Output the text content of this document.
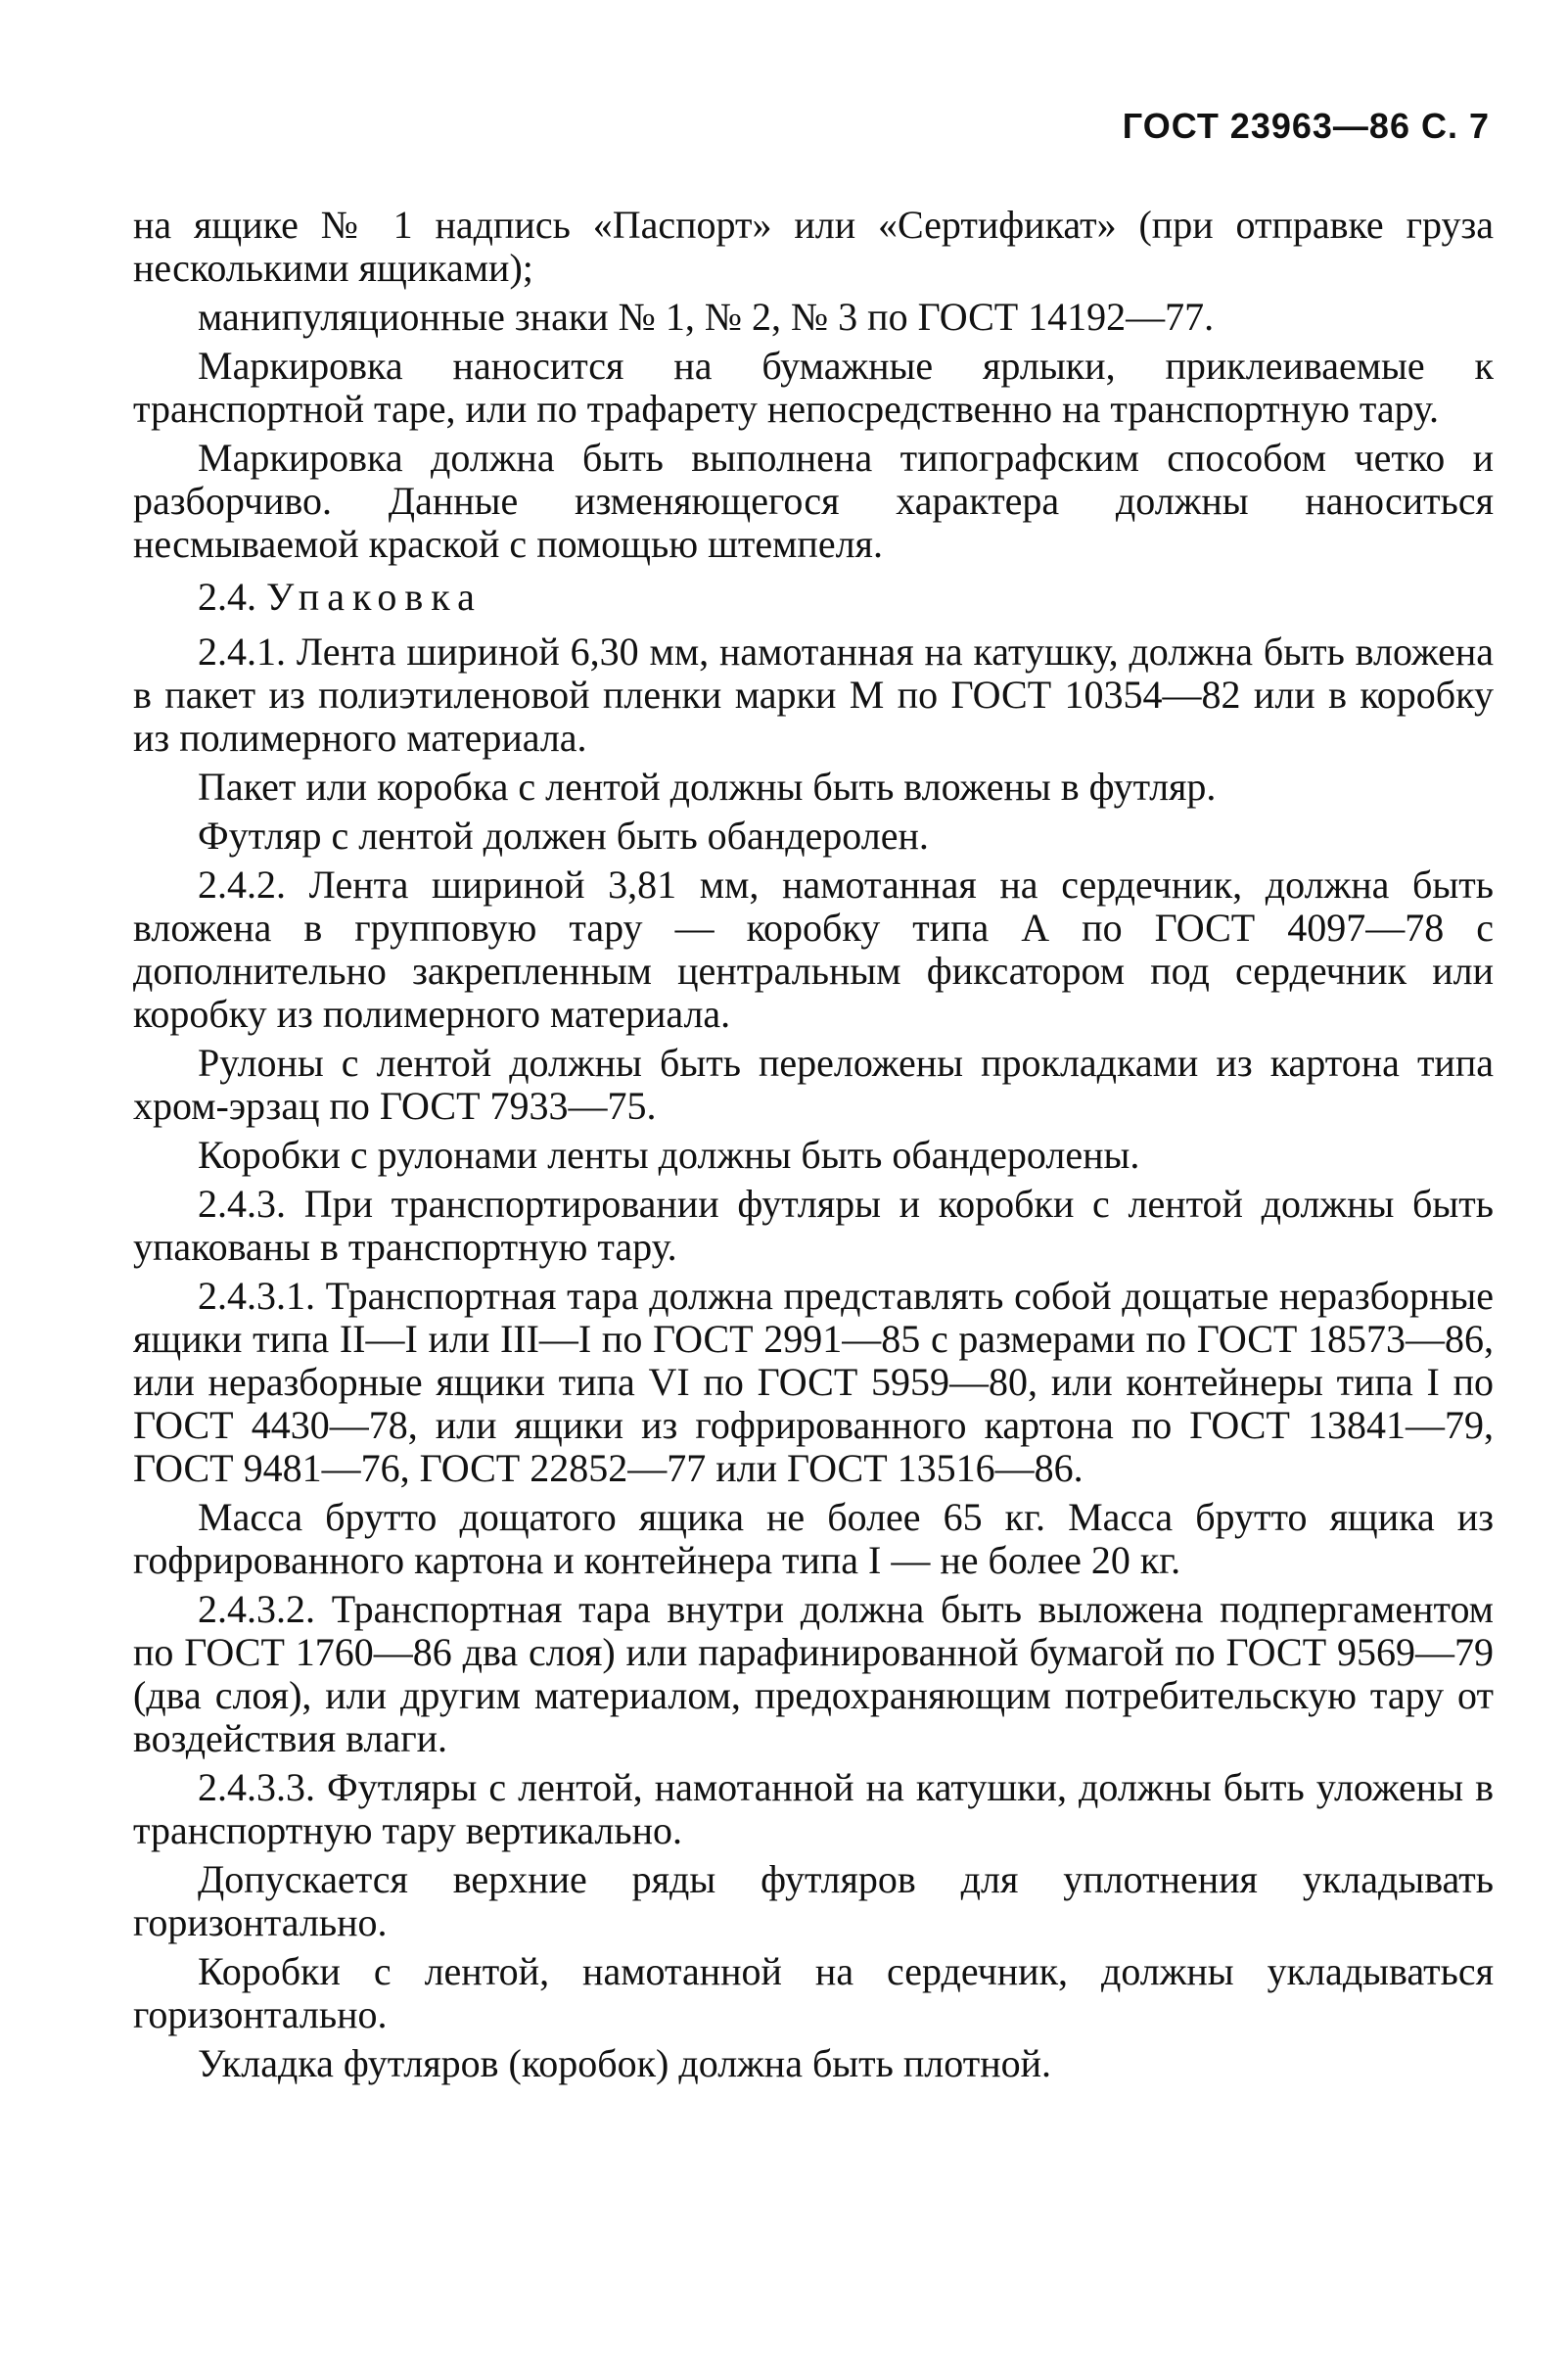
ГОСТ 23963—86 С. 7

на ящике № 1 надпись «Паспорт» или «Сертификат» (при отправке груза несколькими ящиками);

манипуляционные знаки № 1, № 2, № 3 по ГОСТ 14192—77.

Маркировка наносится на бумажные ярлыки, приклеиваемые к транспортной таре, или по трафарету непосредственно на транспортную тару.

Маркировка должна быть выполнена типографским способом четко и разборчиво. Данные изменяющегося характера должны наноситься несмываемой краской с помощью штемпеля.

2.4. Упаковка

2.4.1. Лента шириной 6,30 мм, намотанная на катушку, должна быть вложена в пакет из полиэтиленовой пленки марки М по ГОСТ 10354—82 или в коробку из полимерного материала.

Пакет или коробка с лентой должны быть вложены в футляр.

Футляр с лентой должен быть обандеролен.

2.4.2. Лента шириной 3,81 мм, намотанная на сердечник, должна быть вложена в групповую тару — коробку типа А по ГОСТ 4097—78 с дополнительно закрепленным центральным фиксатором под сердечник или коробку из полимерного материала.

Рулоны с лентой должны быть переложены прокладками из картона типа хром-эрзац по ГОСТ 7933—75.

Коробки с рулонами ленты должны быть обандеролены.

2.4.3. При транспортировании футляры и коробки с лентой должны быть упакованы в транспортную тару.

2.4.3.1. Транспортная тара должна представлять собой дощатые неразборные ящики типа II—I или III—I по ГОСТ 2991—85 с размерами по ГОСТ 18573—86, или неразборные ящики типа VI по ГОСТ 5959—80, или контейнеры типа I по ГОСТ 4430—78, или ящики из гофрированного картона по ГОСТ 13841—79, ГОСТ 9481—76, ГОСТ 22852—77 или ГОСТ 13516—86.

Масса брутто дощатого ящика не более 65 кг. Масса брутто ящика из гофрированного картона и контейнера типа I — не более 20 кг.

2.4.3.2. Транспортная тара внутри должна быть выложена подпергаментом по ГОСТ 1760—86 два слоя) или парафинированной бумагой по ГОСТ 9569—79 (два слоя), или другим материалом, предохраняющим потребительскую тару от воздействия влаги.

2.4.3.3. Футляры с лентой, намотанной на катушки, должны быть уложены в транспортную тару вертикально.

Допускается верхние ряды футляров для уплотнения укладывать горизонтально.

Коробки с лентой, намотанной на сердечник, должны укладываться горизонтально.

Укладка футляров (коробок) должна быть плотной.
